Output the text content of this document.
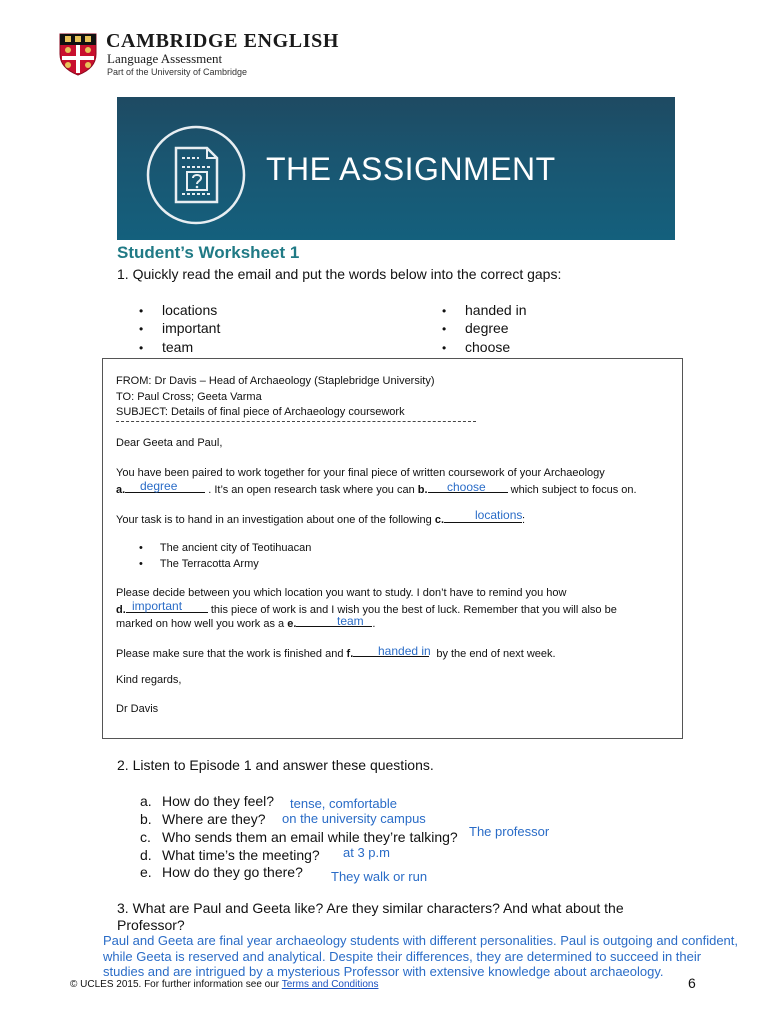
CAMBRIDGE ENGLISH
Language Assessment
Part of the University of Cambridge
THE ASSIGNMENT
Student’s Worksheet 1
1. Quickly read the email and put the words below into the correct gaps:
• locations
• important
• team
• handed in
• degree
• choose
FROM: Dr Davis – Head of Archaeology (Staplebridge University)
TO: Paul Cross; Geeta Varma
SUBJECT: Details of final piece of Archaeology coursework
Dear Geeta and Paul,
You have been paired to work together for your final piece of written coursework of your Archaeology
a.	. It’s an open research task where you can b.	which subject to focus on.
degree	choose
Your task is to hand in an investigation about one of the following c.	:
locations
• The ancient city of Teotihuacan
• The Terracotta Army
Please decide between you which location you want to study. I don’t have to remind you how
d.	this piece of work is and I wish you the best of luck. Remember that you will also be
important
marked on how well you work as a e.	.
team
Please make sure that the work is finished and f.	by the end of next week.
handed in
Kind regards,
Dr Davis
2. Listen to Episode 1 and answer these questions.
a. How do they feel? tense, comfortable
b. Where are they? on the university campus
c. Who sends them an email while they’re talking? The professor
d. What time’s the meeting? at 3 p.m
e. How do they go there? They walk or run
3. What are Paul and Geeta like? Are they similar characters? And what about the
Professor?
Paul and Geeta are final year archaeology students with different personalities. Paul is outgoing and confident, while Geeta is reserved and analytical. Despite their differences, they are determined to succeed in their studies and are intrigued by a mysterious Professor with extensive knowledge about archaeology.
© UCLES 2015. For further information see our Terms and Conditions	6
